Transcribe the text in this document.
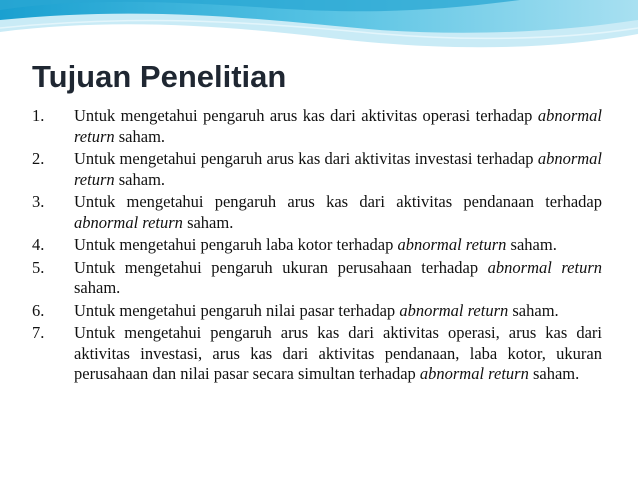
Tujuan Penelitian
1.	Untuk mengetahui pengaruh arus kas dari aktivitas operasi terhadap abnormal return saham.
2.	Untuk mengetahui pengaruh arus kas dari aktivitas investasi terhadap abnormal return saham.
3.	Untuk mengetahui pengaruh arus kas dari aktivitas pendanaan terhadap abnormal return saham.
4.	Untuk mengetahui pengaruh laba kotor terhadap abnormal return saham.
5.	Untuk mengetahui pengaruh ukuran perusahaan terhadap abnormal return saham.
6.	Untuk mengetahui pengaruh nilai pasar terhadap abnormal return saham.
7.	Untuk mengetahui pengaruh arus kas dari aktivitas operasi, arus kas dari aktivitas investasi, arus kas dari aktivitas pendanaan, laba kotor, ukuran perusahaan dan nilai pasar secara simultan terhadap abnormal return saham.
